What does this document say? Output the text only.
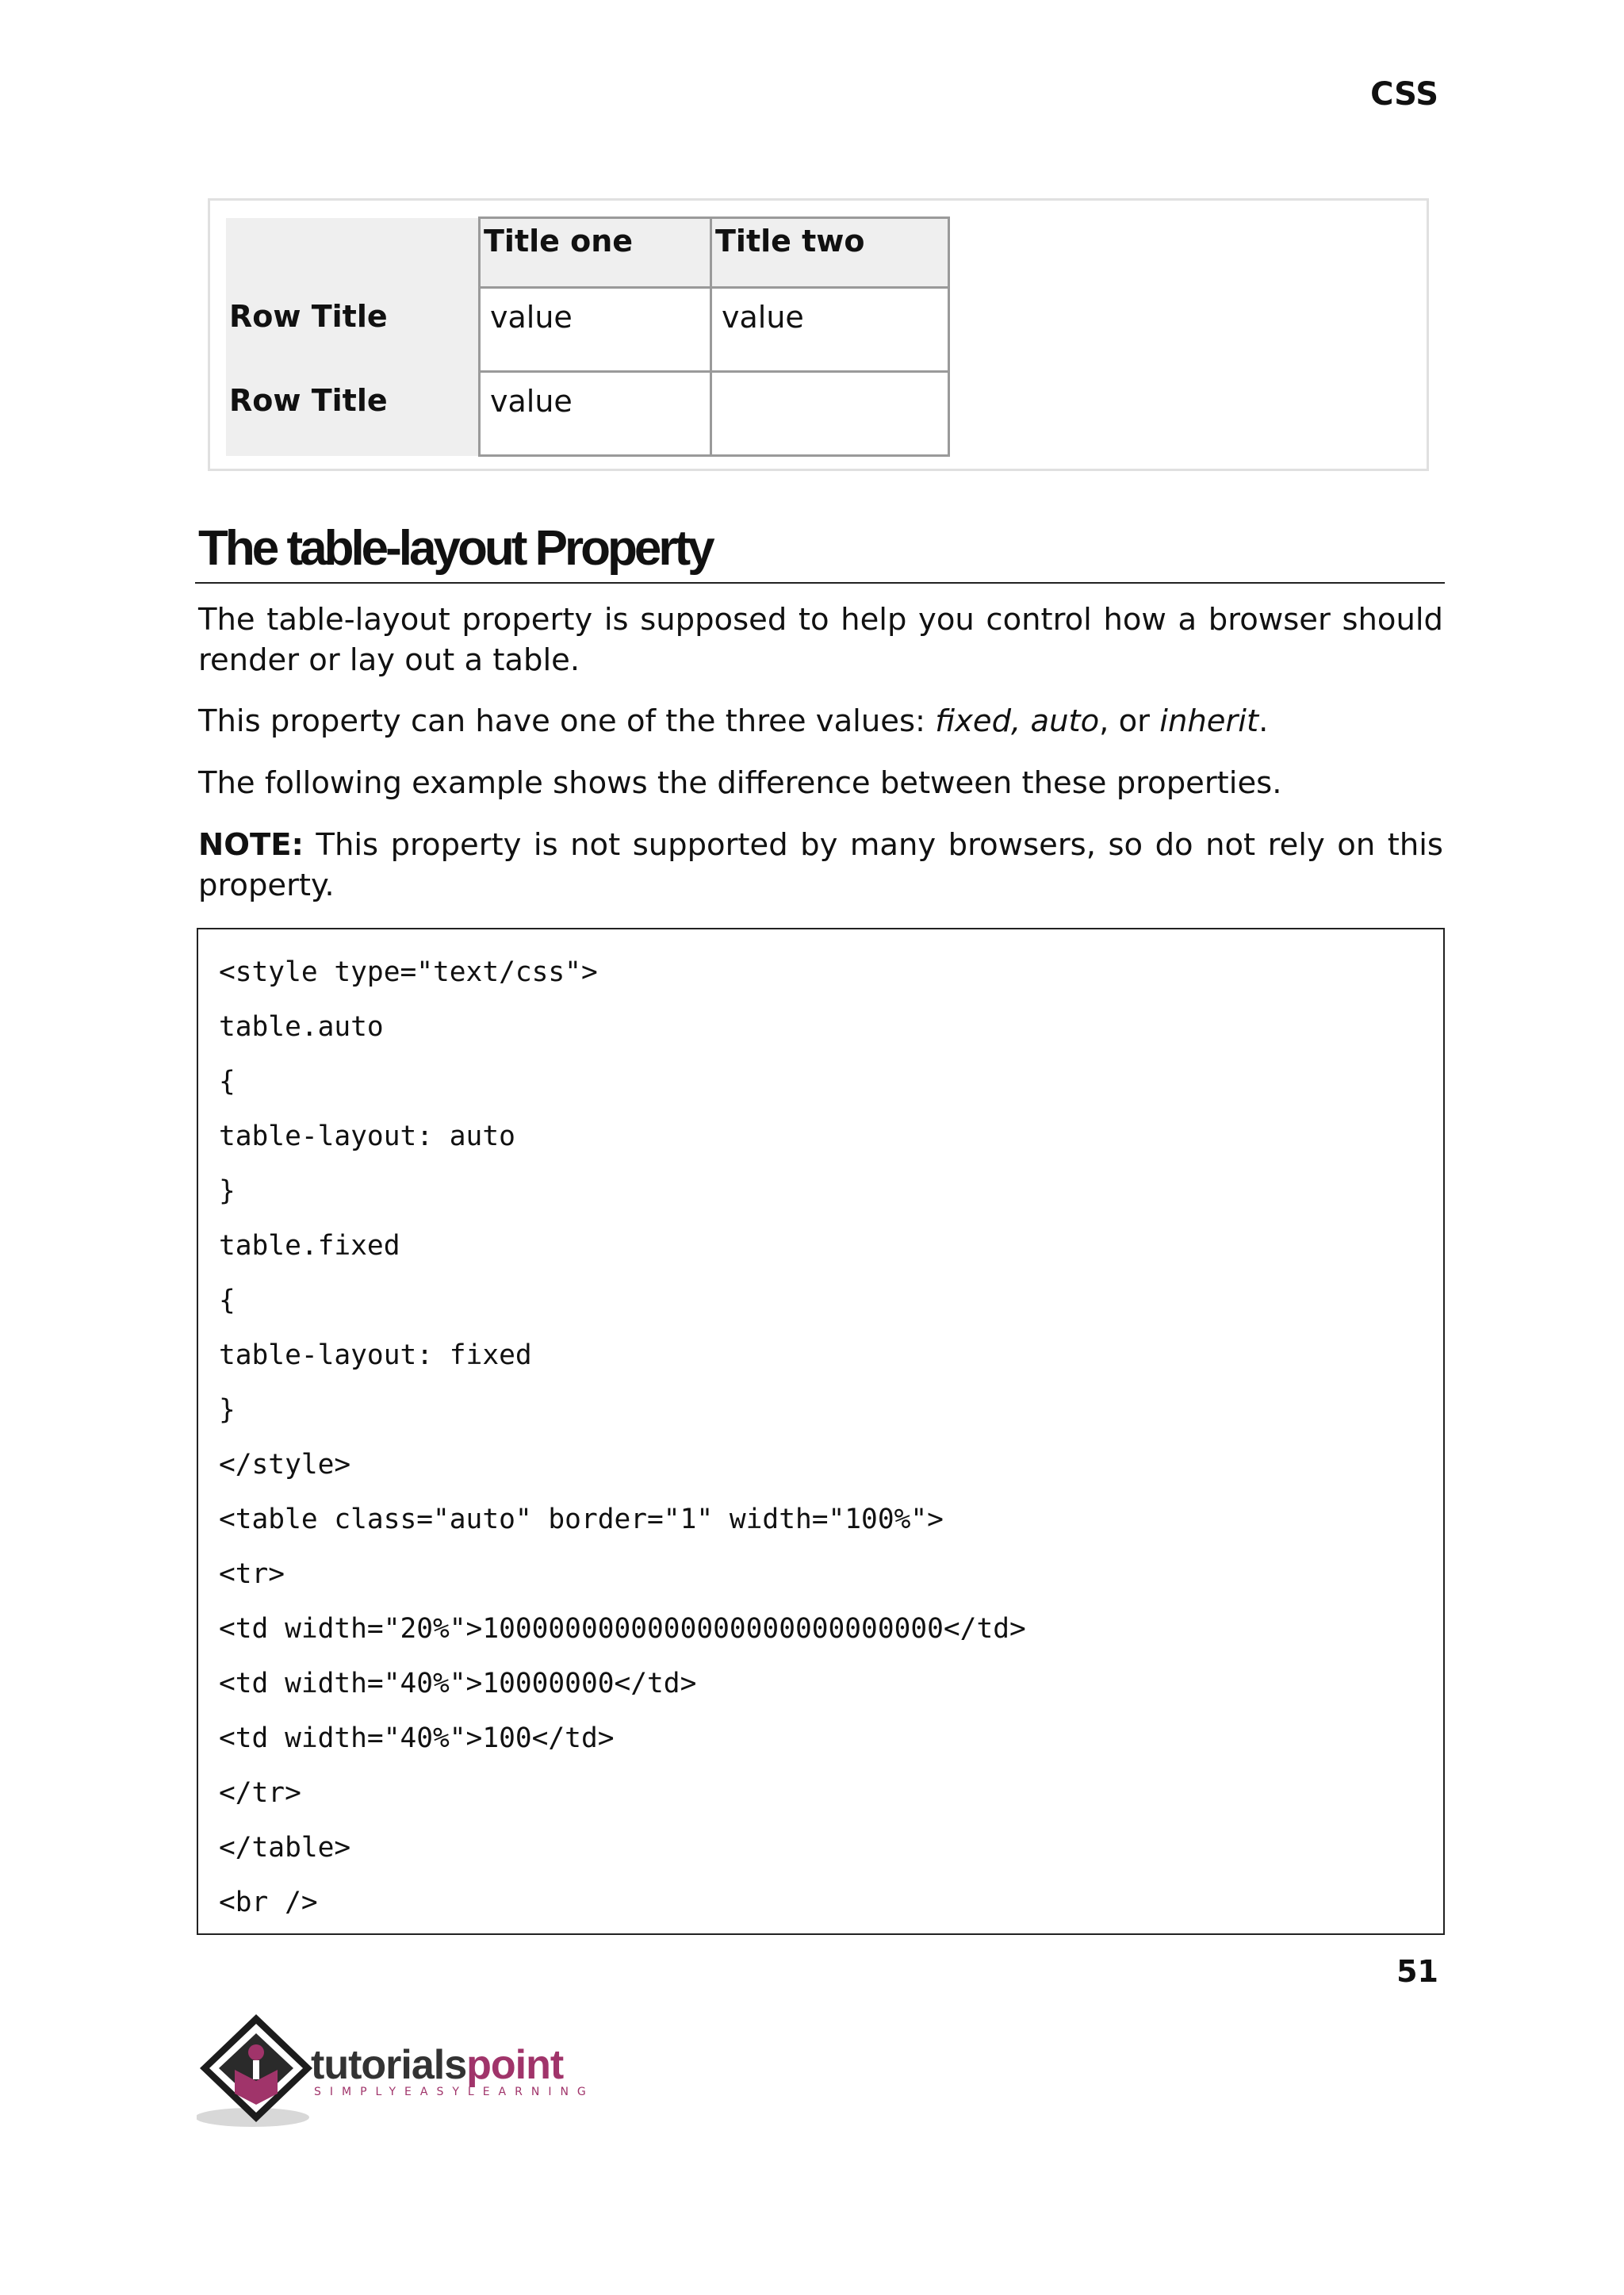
CSS
	Title one	Title two
Row Title	value	value
Row Title	value	
The table-layout Property

The table-layout property is supposed to help you control how a browser should render or lay out a table.

This property can have one of the three values: fixed, auto, or inherit.

The following example shows the difference between these properties.

NOTE: This property is not supported by many browsers, so do not rely on this property.

<style type="text/css">
table.auto
{
table-layout: auto
}
table.fixed
{
table-layout: fixed
}
</style>
<table class="auto" border="1" width="100%">
<tr>
<td width="20%">1000000000000000000000000000</td>
<td width="40%">10000000</td>
<td width="40%">100</td>
</tr>
</table>
<br />
51
tutorialspoint
SIMPLYEASYLEARNING
